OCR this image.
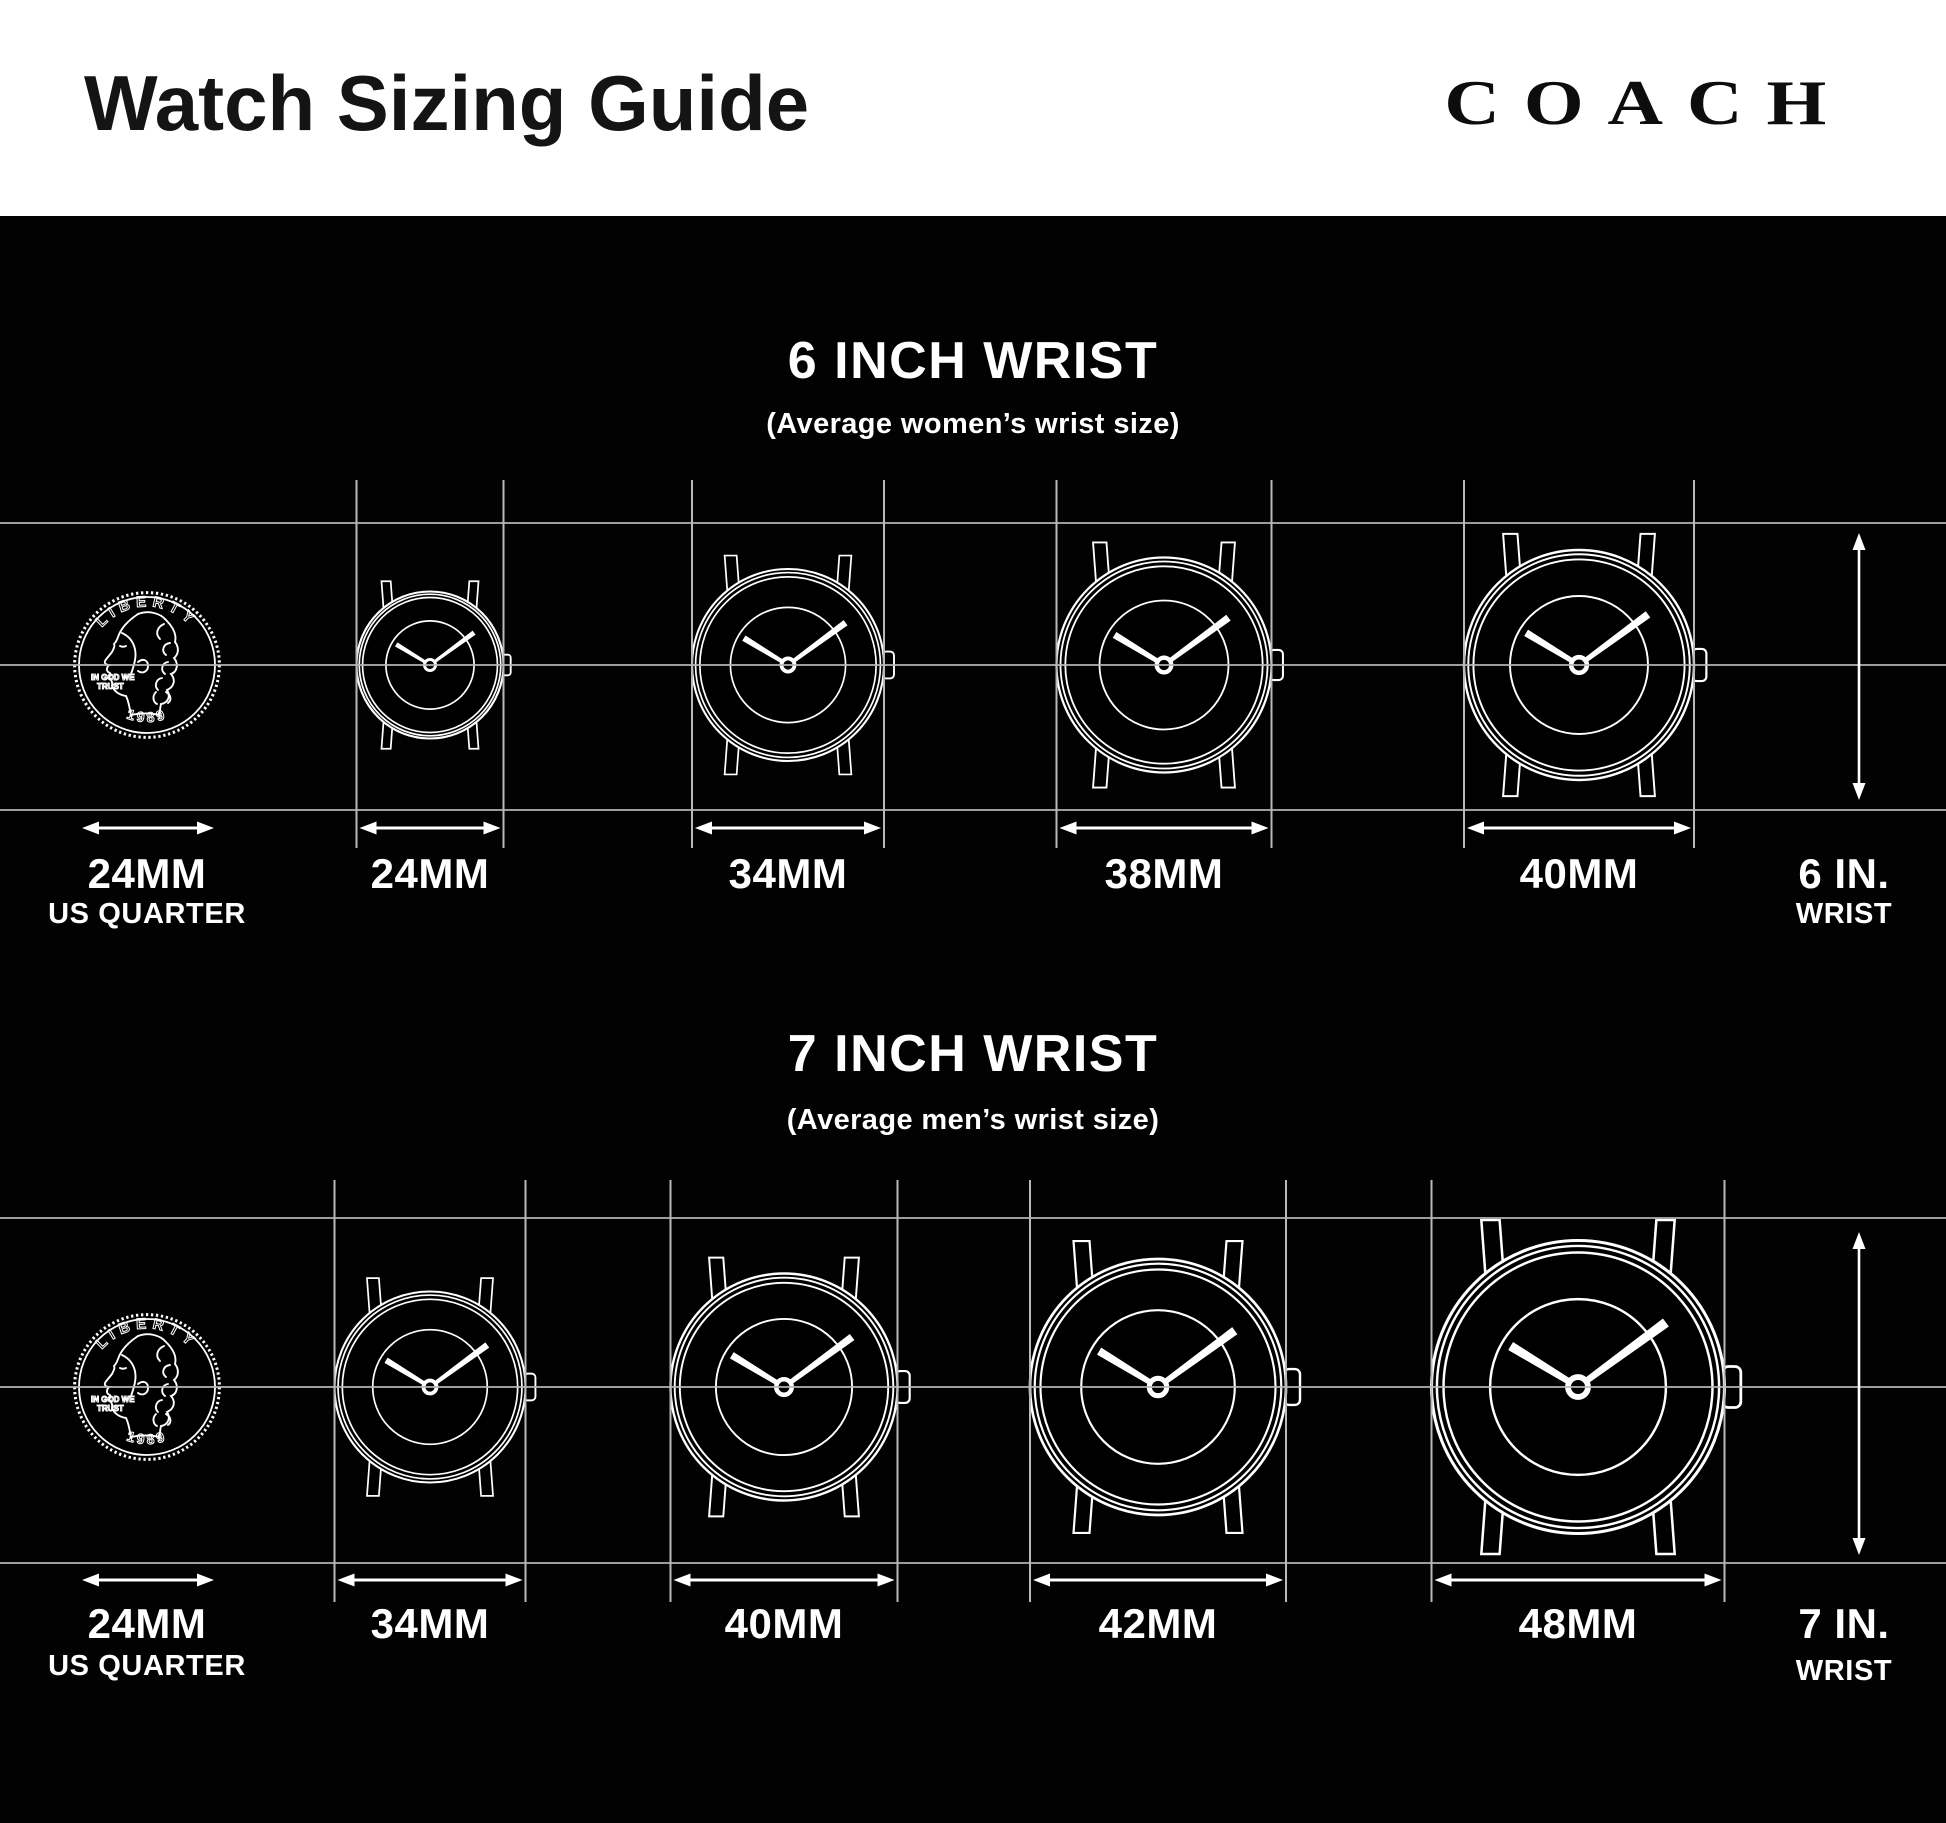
Watch Sizing Guide	COACH
LIBERTY
1989
IN GOD WE
TRUST
LIBERTY
1989
IN GOD WE
TRUST
6 INCH WRIST
(Average women’s wrist size)
24MM
US QUARTER
24MM	34MM	38MM	40MM	6 IN.
WRIST
7 INCH WRIST
(Average men’s wrist size)
24MM
US QUARTER
34MM	40MM	42MM	48MM	7 IN.
WRIST
